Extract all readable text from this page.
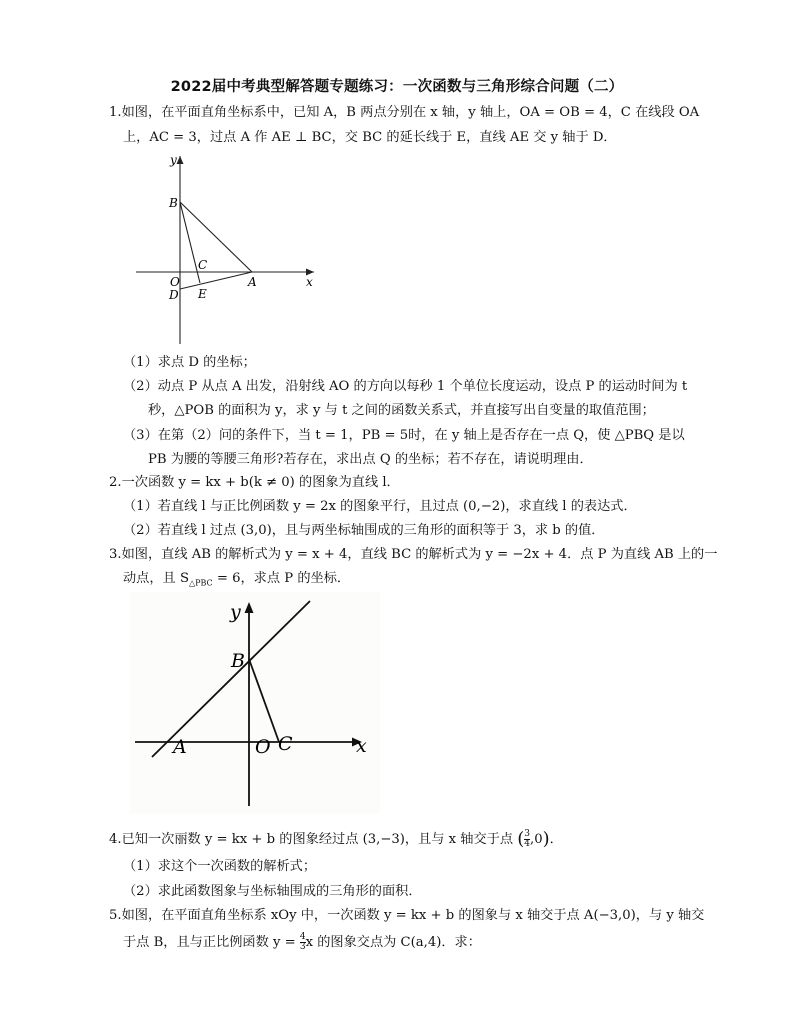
2022届中考典型解答题专题练习：一次函数与三角形综合问题（二）
1.如图，在平面直角坐标系中，已知 A，B 两点分别在 x 轴，y 轴上，OA = OB = 4，C 在线段 OA
上，AC = 3，过点 A 作 AE ⊥ BC，交 BC 的延长线于 E，直线 AE 交 y 轴于 D．
y
x
B
C
O	A
D E
（1）求点 D 的坐标；
（2）动点 P 从点 A 出发，沿射线 AO 的方向以每秒 1 个单位长度运动，设点 P 的运动时间为 t
秒，△POB 的面积为 y，求 y 与 t 之间的函数关系式，并直接写出自变量的取值范围；
（3）在第（2）问的条件下，当 t = 1，PB = 5时，在 y 轴上是否存在一点 Q，使 △PBQ 是以
PB 为腰的等腰三角形?若存在，求出点 Q 的坐标；若不存在，请说明理由．
2.一次函数 y = kx + b(k ≠ 0) 的图象为直线 l．
（1）若直线 l 与正比例函数 y = 2x 的图象平行，且过点 (0,−2)，求直线 l 的表达式．
（2）若直线 l 过点 (3,0)，且与两坐标轴围成的三角形的面积等于 3，求 b 的值．
3.如图，直线 AB 的解析式为 y = x + 4，直线 BC 的解析式为 y = −2x + 4．点 P 为直线 AB 上的一
动点，且 $S_{\triangle PBC} = 6$，求点 P 的坐标．
y
x
B
A	O C
4.已知一次丽数 y = kx + b 的图象经过点 (3,−3)，且与 x 轴交于点 ( $\frac{3}{4} ,0$)．
（1）求这个一次函数的解析式；
（2）求此函数图象与坐标轴围成的三角形的面积．
5.如图，在平面直角坐标系 xOy 中，一次函数 y = kx + b 的图象与 x 轴交于点 A(−3,0)，与 y 轴交
于点 B，且与正比例函数 $y = \frac{4}{3}$ x 的图象交点为 C(a,4)．求：
